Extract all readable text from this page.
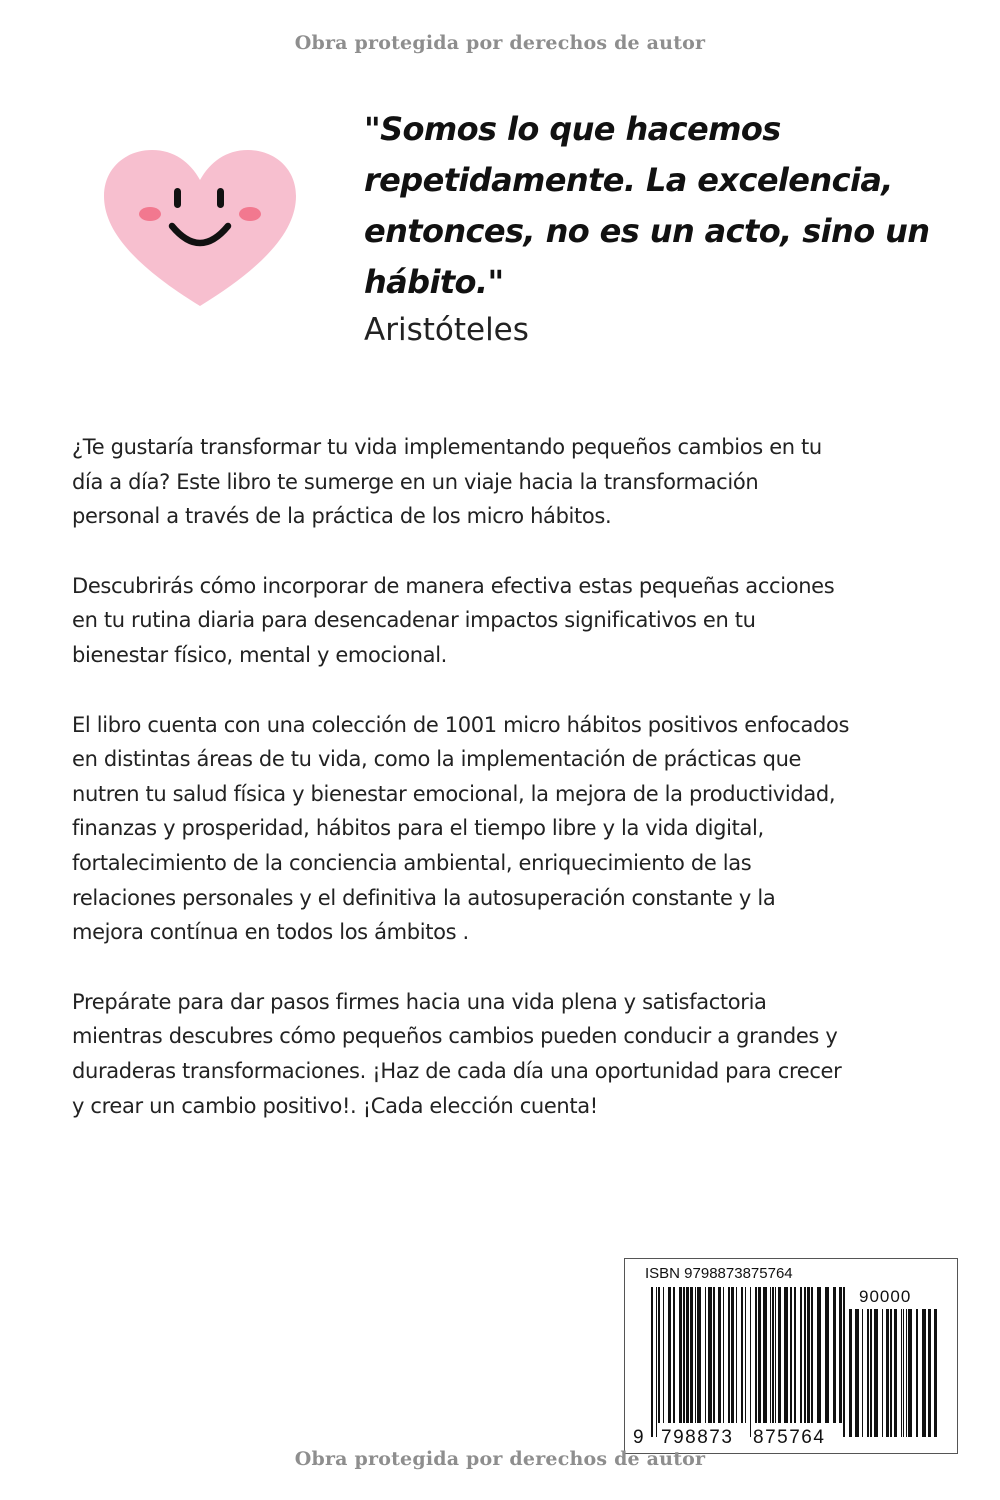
Obra protegida por derechos de autor
"Somos lo que hacemos
repetidamente. La excelencia,
entonces, no es un acto, sino un
hábito."
Aristóteles

¿Te gustaría transformar tu vida implementando pequeños cambios en tu
día a día? Este libro te sumerge en un viaje hacia la transformación
personal a través de la práctica de los micro hábitos.

Descubrirás cómo incorporar de manera efectiva estas pequeñas acciones
en tu rutina diaria para desencadenar impactos significativos en tu
bienestar físico, mental y emocional.

El libro cuenta con una colección de 1001 micro hábitos positivos enfocados
en distintas áreas de tu vida, como la implementación de prácticas que
nutren tu salud física y bienestar emocional, la mejora de la productividad,
finanzas y prosperidad, hábitos para el tiempo libre y la vida digital,
fortalecimiento de la conciencia ambiental, enriquecimiento de las
relaciones personales y el definitiva la autosuperación constante y la
mejora contínua en todos los ámbitos .

Prepárate para dar pasos firmes hacia una vida plena y satisfactoria
mientras descubres cómo pequeños cambios pueden conducir a grandes y
duraderas transformaciones. ¡Haz de cada día una oportunidad para crecer
y crear un cambio positivo!. ¡Cada elección cuenta!

ISBN 9798873875764
90000
9 798873 875764
Obra protegida por derechos de autor
